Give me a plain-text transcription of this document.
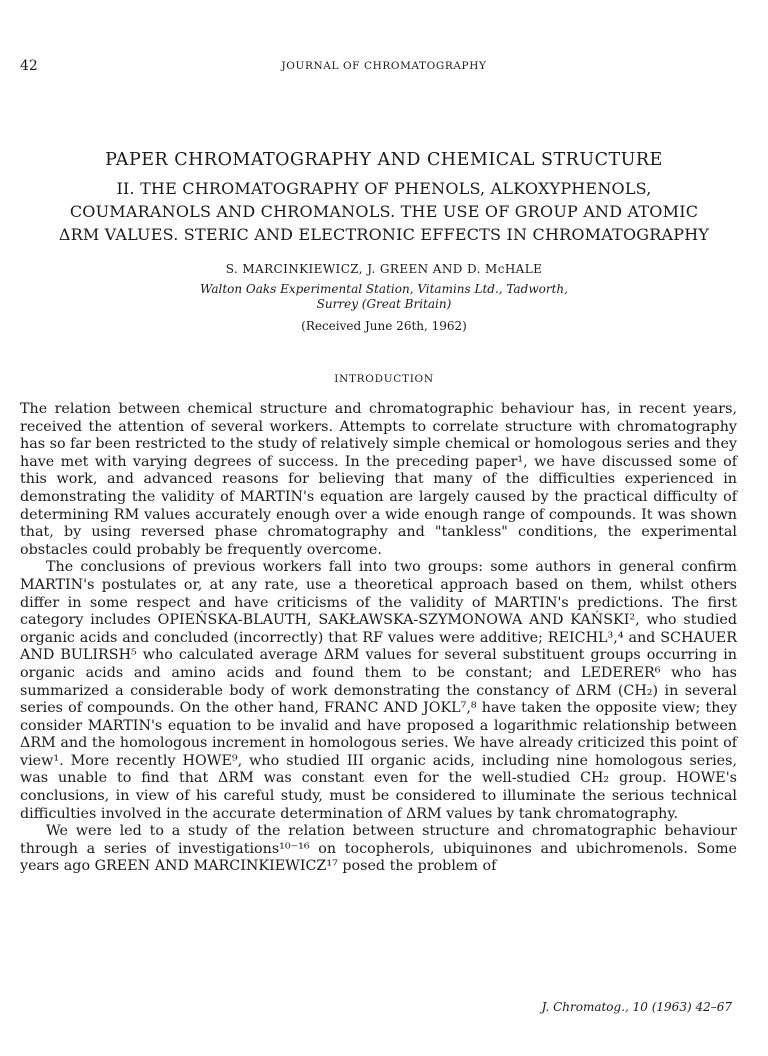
42	JOURNAL OF CHROMATOGRAPHY
PAPER CHROMATOGRAPHY AND CHEMICAL STRUCTURE

II. THE CHROMATOGRAPHY OF PHENOLS, ALKOXYPHENOLS,
COUMARANOLS AND CHROMANOLS. THE USE OF GROUP AND ATOMIC
ΔRM VALUES. STERIC AND ELECTRONIC EFFECTS IN CHROMATOGRAPHY

S. MARCINKIEWICZ, J. GREEN AND D. McHALE
Walton Oaks Experimental Station, Vitamins Ltd., Tadworth,
Surrey (Great Britain)
(Received June 26th, 1962)
INTRODUCTION

The relation between chemical structure and chromatographic behaviour has, in recent years, received the attention of several workers. Attempts to correlate structure with chromatography has so far been restricted to the study of relatively simple chemical or homologous series and they have met with varying degrees of success. In the preceding paper¹, we have discussed some of this work, and advanced reasons for believing that many of the difficulties experienced in demonstrating the validity of MARTIN's equation are largely caused by the practical difficulty of determining RM values accurately enough over a wide enough range of compounds. It was shown that, by using reversed phase chromatography and "tankless" conditions, the experimental obstacles could probably be frequently overcome.

The conclusions of previous workers fall into two groups: some authors in general confirm MARTIN's postulates or, at any rate, use a theoretical approach based on them, whilst others differ in some respect and have criticisms of the validity of MARTIN's predictions. The first category includes OPIEŃSKA-BLAUTH, SAKŁAWSKA-SZYMONOWA AND KAŃSKI², who studied organic acids and concluded (incorrectly) that RF values were additive; REICHL³,⁴ and SCHAUER AND BULIRSH⁵ who calculated average ΔRM values for several substituent groups occurring in organic acids and amino acids and found them to be constant; and LEDERER⁶ who has summarized a considerable body of work demonstrating the constancy of ΔRM (CH₂) in several series of compounds. On the other hand, FRANC AND JOKL⁷,⁸ have taken the opposite view; they consider MARTIN's equation to be invalid and have proposed a logarithmic relationship between ΔRM and the homologous increment in homologous series. We have already criticized this point of view¹. More recently HOWE⁹, who studied III organic acids, including nine homologous series, was unable to find that ΔRM was constant even for the well-studied CH₂ group. HOWE's conclusions, in view of his careful study, must be considered to illuminate the serious technical difficulties involved in the accurate determination of ΔRM values by tank chromatography.

We were led to a study of the relation between structure and chromatographic behaviour through a series of investigations¹⁰⁻¹⁶ on tocopherols, ubiquinones and ubichromenols. Some years ago GREEN AND MARCINKIEWICZ¹⁷ posed the problem of

J. Chromatog., 10 (1963) 42–67
